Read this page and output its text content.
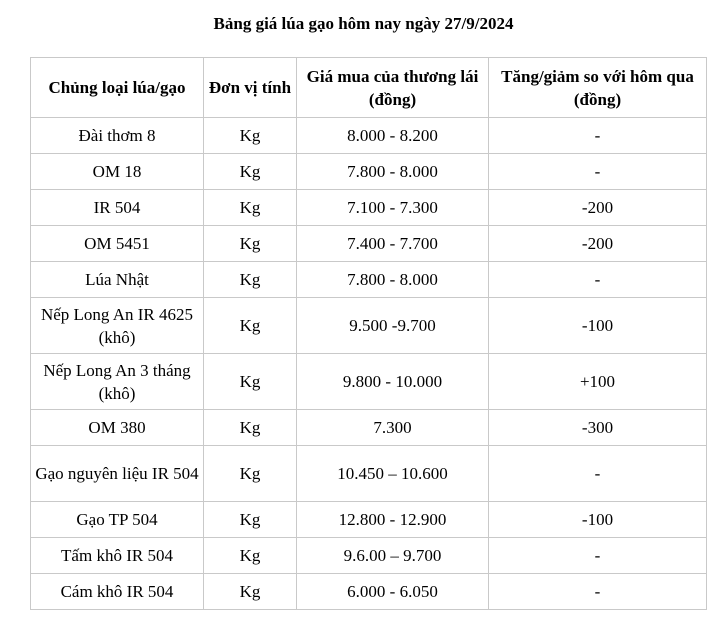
Bảng giá lúa gạo hôm nay ngày 27/9/2024
Chủng loại lúa/gạo	Đơn vị tính	Giá mua của thương lái (đồng)	Tăng/giảm so với hôm qua (đồng)
Đài thơm 8	Kg	8.000 - 8.200	-
OM 18	Kg	7.800 - 8.000	-
IR 504	Kg	7.100 - 7.300	-200
OM 5451	Kg	7.400 - 7.700	-200
Lúa Nhật	Kg	7.800 - 8.000	-
Nếp Long An IR 4625 (khô)	Kg	9.500 -9.700	-100
Nếp Long An 3 tháng (khô)	Kg	9.800 - 10.000	+100
OM 380	Kg	7.300	-300
Gạo nguyên liệu IR 504	Kg	10.450 – 10.600	-
Gạo TP 504	Kg	12.800 - 12.900	-100
Tấm khô IR 504	Kg	9.6.00 – 9.700	-
Cám khô IR 504	Kg	6.000 - 6.050	-
